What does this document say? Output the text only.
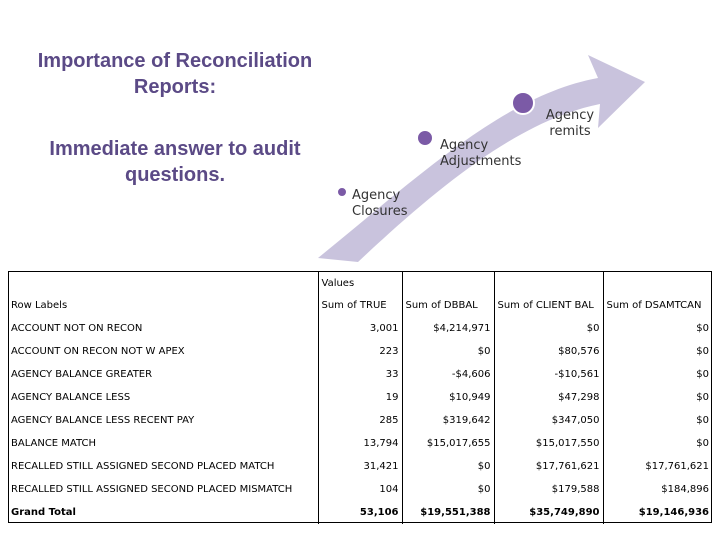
Importance of Reconciliation Reports:
Immediate answer to audit questions.
Agency Closures
Agency Adjustments
Agency remits
	Values			
Row Labels	Sum of TRUE	Sum of DBBAL	Sum of CLIENT BAL	Sum of DSAMTCAN
ACCOUNT NOT ON RECON	3,001	$4,214,971	$0	$0
ACCOUNT ON RECON NOT W APEX	223	$0	$80,576	$0
AGENCY BALANCE GREATER	33	-$4,606	-$10,561	$0
AGENCY BALANCE LESS	19	$10,949	$47,298	$0
AGENCY BALANCE LESS RECENT PAY	285	$319,642	$347,050	$0
BALANCE MATCH	13,794	$15,017,655	$15,017,550	$0
RECALLED STILL ASSIGNED SECOND PLACED MATCH	31,421	$0	$17,761,621	$17,761,621
RECALLED STILL ASSIGNED SECOND PLACED MISMATCH	104	$0	$179,588	$184,896
Grand Total	53,106	$19,551,388	$35,749,890	$19,146,936
